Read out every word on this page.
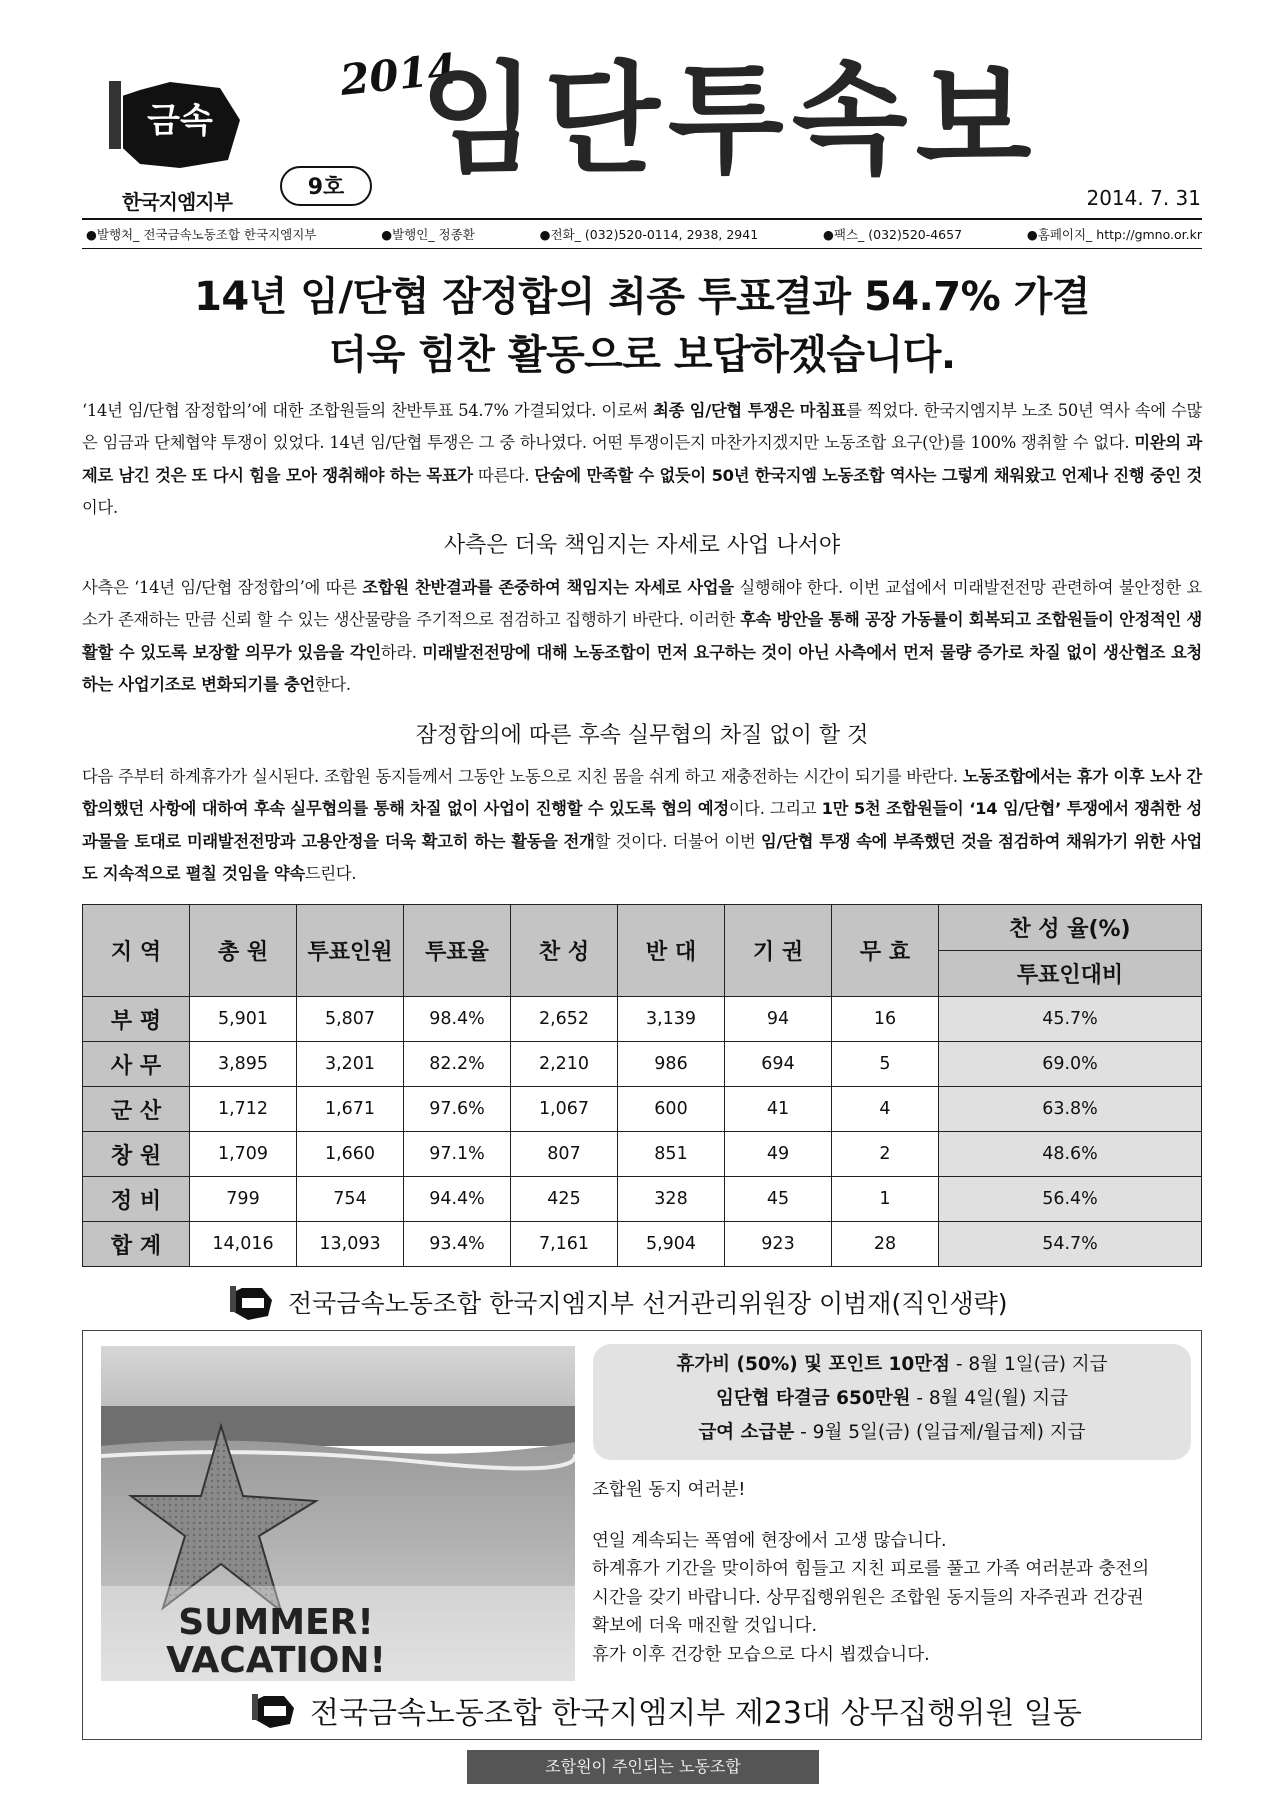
금속
한국지엠지부
9호
2014
임단투속보
2014. 7. 31
●발행처_ 전국금속노동조합 한국지엠지부	●발행인_ 정종환	●전화_ (032)520-0114, 2938, 2941	●팩스_ (032)520-4657	●홈페이지_ http://gmno.or.kr
14년 임/단협 잠정합의 최종 투표결과 54.7% 가결
더욱 힘찬 활동으로 보답하겠습니다.
‘14년 임/단협 잠정합의’에 대한 조합원들의 찬반투표 54.7% 가결되었다. 이로써 최종 임/단협 투쟁은 마침표를 찍었다. 한국지엠지부 노조 50년 역사 속에 수많은 임금과 단체협약 투쟁이 있었다. 14년 임/단협 투쟁은 그 중 하나였다. 어떤 투쟁이든지 마찬가지겠지만 노동조합 요구(안)를 100% 쟁취할 수 없다. 미완의 과제로 남긴 것은 또 다시 힘을 모아 쟁취해야 하는 목표가 따른다. 단숨에 만족할 수 없듯이 50년 한국지엠 노동조합 역사는 그렇게 채워왔고 언제나 진행 중인 것이다.
사측은 더욱 책임지는 자세로 사업 나서야
사측은 ‘14년 임/단협 잠정합의’에 따른 조합원 찬반결과를 존중하여 책임지는 자세로 사업을 실행해야 한다. 이번 교섭에서 미래발전전망 관련하여 불안정한 요소가 존재하는 만큼 신뢰 할 수 있는 생산물량을 주기적으로 점검하고 집행하기 바란다. 이러한 후속 방안을 통해 공장 가동률이 회복되고 조합원들이 안정적인 생활할 수 있도록 보장할 의무가 있음을 각인하라. 미래발전전망에 대해 노동조합이 먼저 요구하는 것이 아닌 사측에서 먼저 물량 증가로 차질 없이 생산협조 요청하는 사업기조로 변화되기를 충언한다.
잠정합의에 따른 후속 실무협의 차질 없이 할 것
다음 주부터 하계휴가가 실시된다. 조합원 동지들께서 그동안 노동으로 지친 몸을 쉬게 하고 재충전하는 시간이 되기를 바란다. 노동조합에서는 휴가 이후 노사 간 합의했던 사항에 대하여 후속 실무협의를 통해 차질 없이 사업이 진행할 수 있도록 협의 예정이다. 그리고 1만 5천 조합원들이 ‘14 임/단협’ 투쟁에서 쟁취한 성과물을 토대로 미래발전전망과 고용안정을 더욱 확고히 하는 활동을 전개할 것이다. 더불어 이번 임/단협 투쟁 속에 부족했던 것을 점검하여 채워가기 위한 사업도 지속적으로 펼칠 것임을 약속드린다.
지 역	총 원	투표인원	투표율	찬 성	반 대	기 권	무 효	찬 성 율(%)
								투표인대비
부 평	5,901	5,807	98.4%	2,652	3,139	94	16	45.7%
사 무	3,895	3,201	82.2%	2,210	986	694	5	69.0%
군 산	1,712	1,671	97.6%	1,067	600	41	4	63.8%
창 원	1,709	1,660	97.1%	807	851	49	2	48.6%
정 비	799	754	94.4%	425	328	45	1	56.4%
합 계	14,016	13,093	93.4%	7,161	5,904	923	28	54.7%
전국금속노동조합 한국지엠지부 선거관리위원장 이범재(직인생략)
SUMMER!
VACATION!
휴가비 (50%) 및 포인트 10만점 - 8월 1일(금) 지급
임단협 타결금 650만원 - 8월 4일(월) 지급
급여 소급분 - 9월 5일(금) (일급제/월급제) 지급

조합원 동지 여러분!

연일 계속되는 폭염에 현장에서 고생 많습니다.

하계휴가 기간을 맞이하여 힘들고 지친 피로를 풀고 가족 여러분과 충전의

시간을 갖기 바랍니다. 상무집행위원은 조합원 동지들의 자주권과 건강권

확보에 더욱 매진할 것입니다.

휴가 이후 건강한 모습으로 다시 뵙겠습니다.

전국금속노동조합 한국지엠지부 제23대 상무집행위원 일동
조합원이 주인되는 노동조합
